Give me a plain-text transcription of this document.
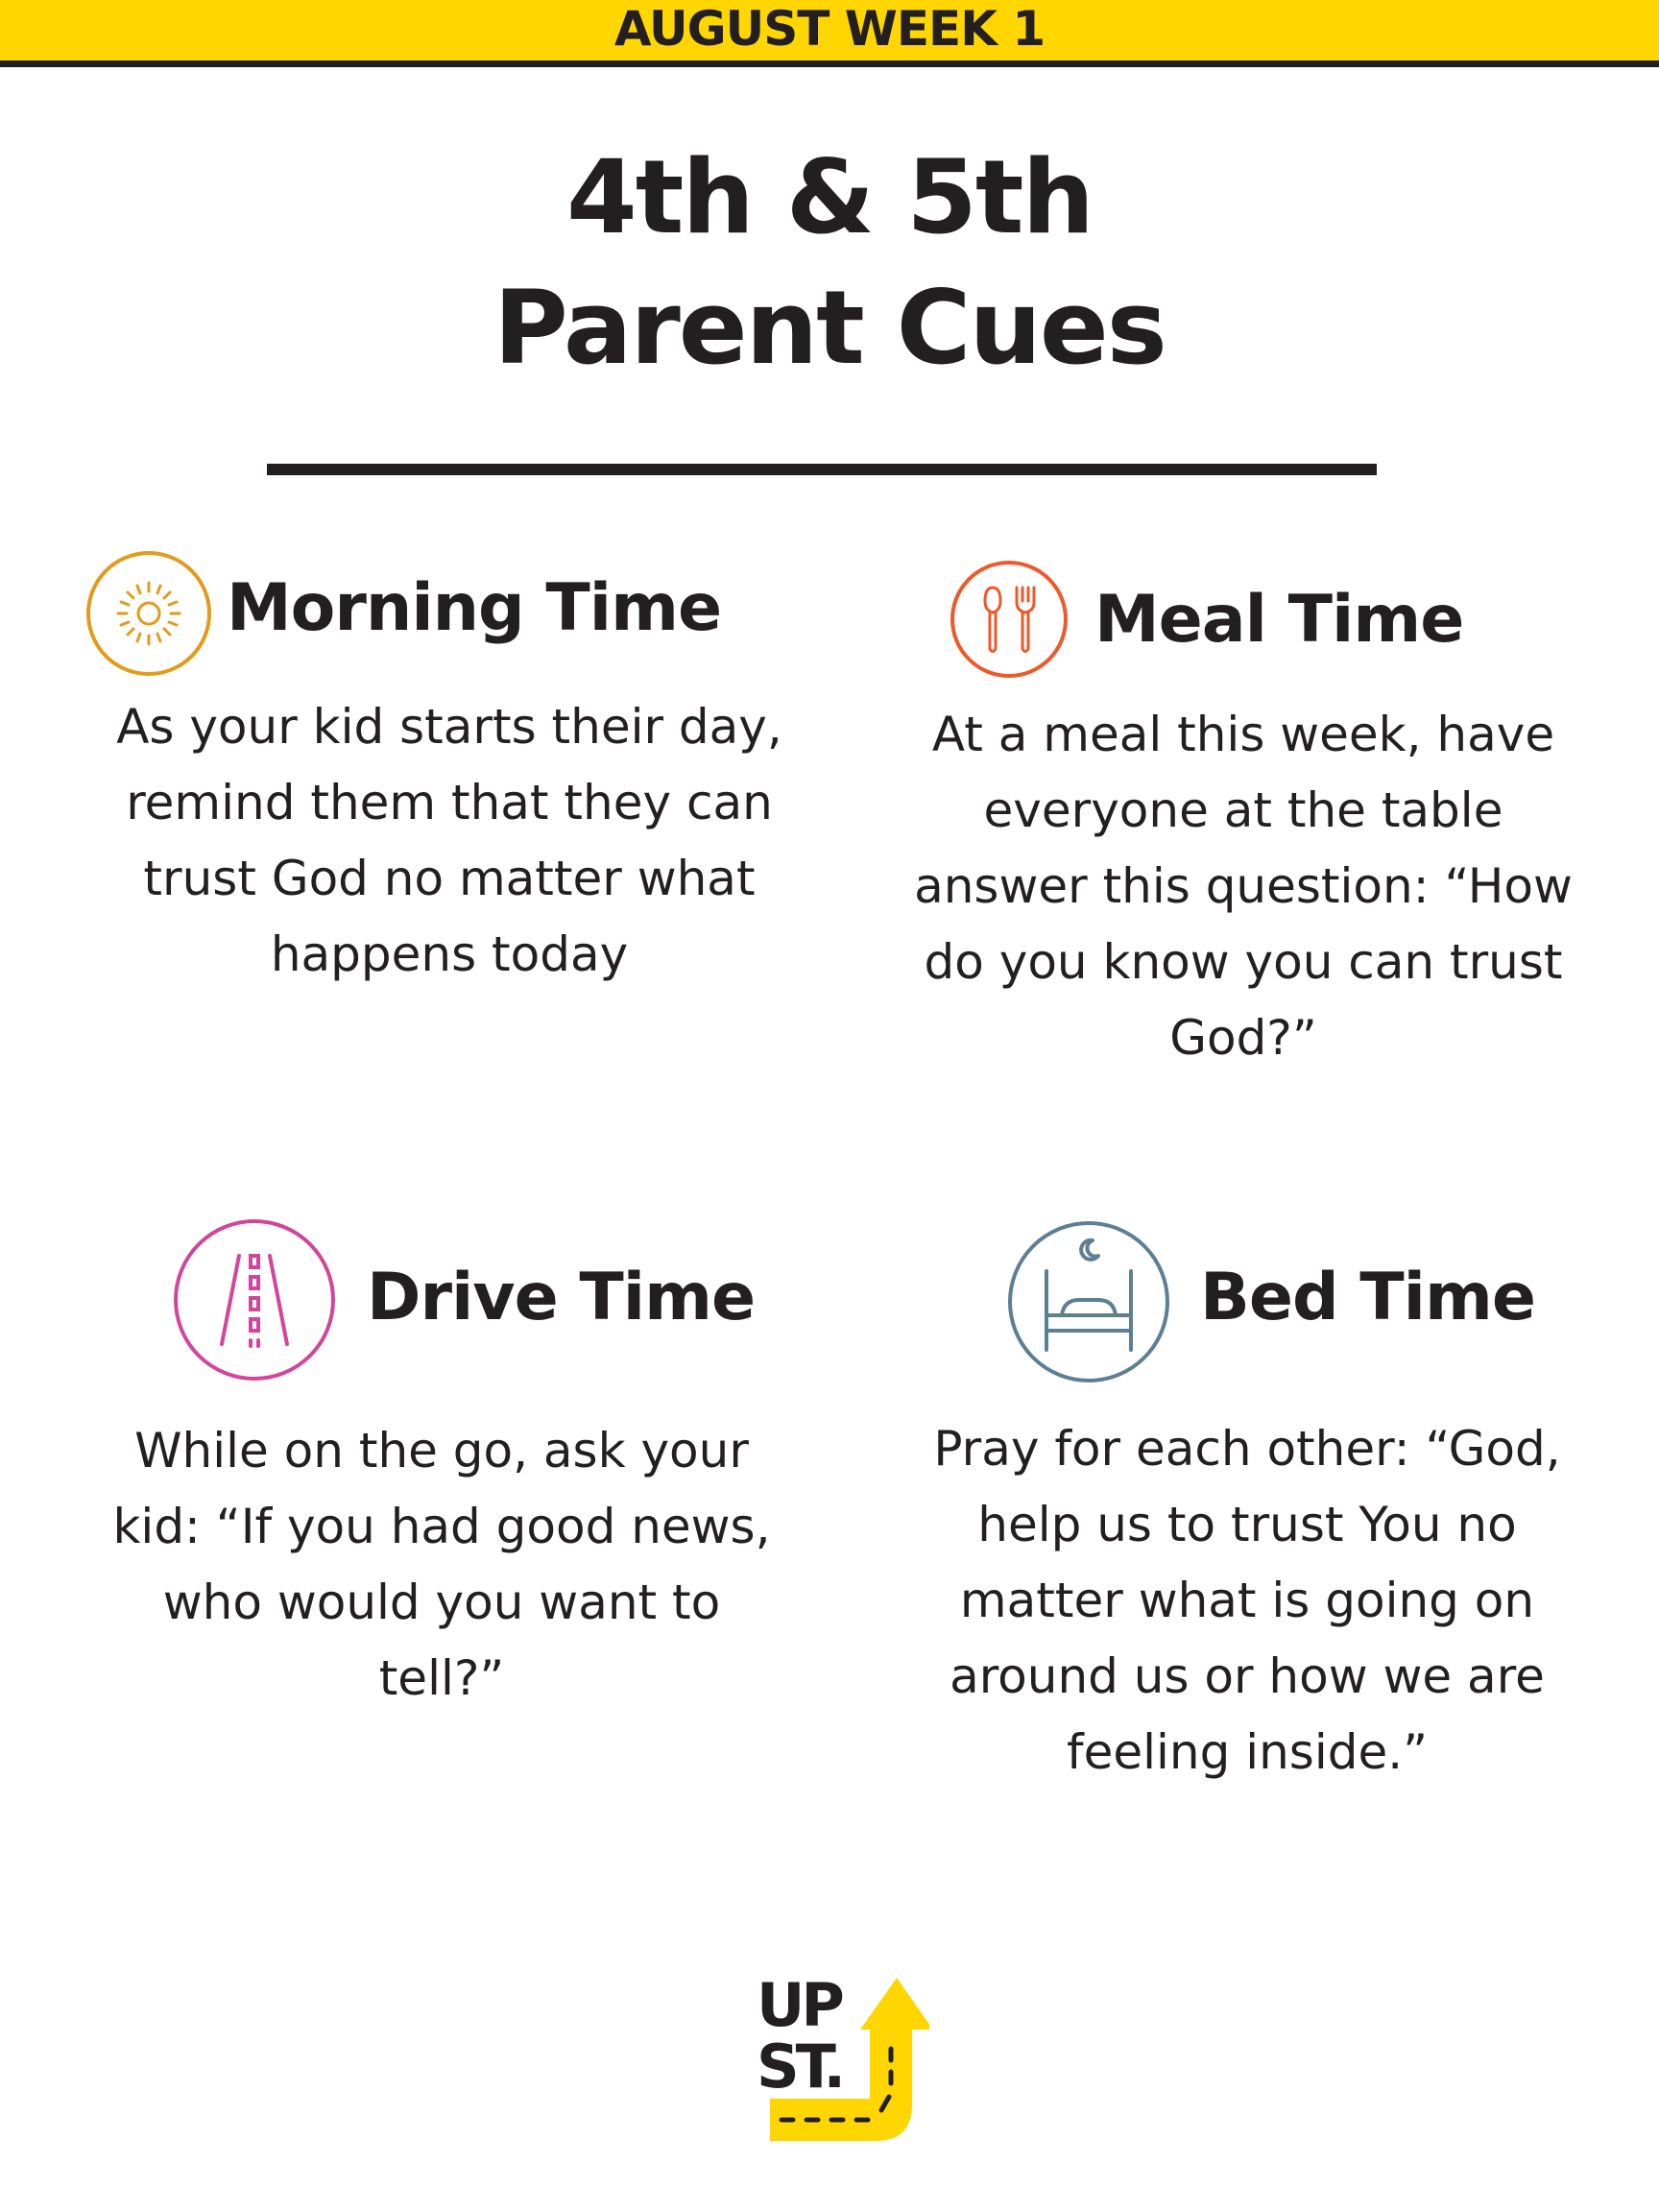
AUGUST WEEK 1
4th & 5th
Parent Cues
Morning Time

As your kid starts their day, remind them that they can trust God no matter what happens today

Meal Time

At a meal this week, have everyone at the table answer this question: “How do you know you can trust God?”

Drive Time

While on the go, ask your kid: “If you had good news, who would you want to tell?”

Bed Time

Pray for each other: “God, help us to trust You no matter what is going on around us or how we are feeling inside.”

UP
ST.
